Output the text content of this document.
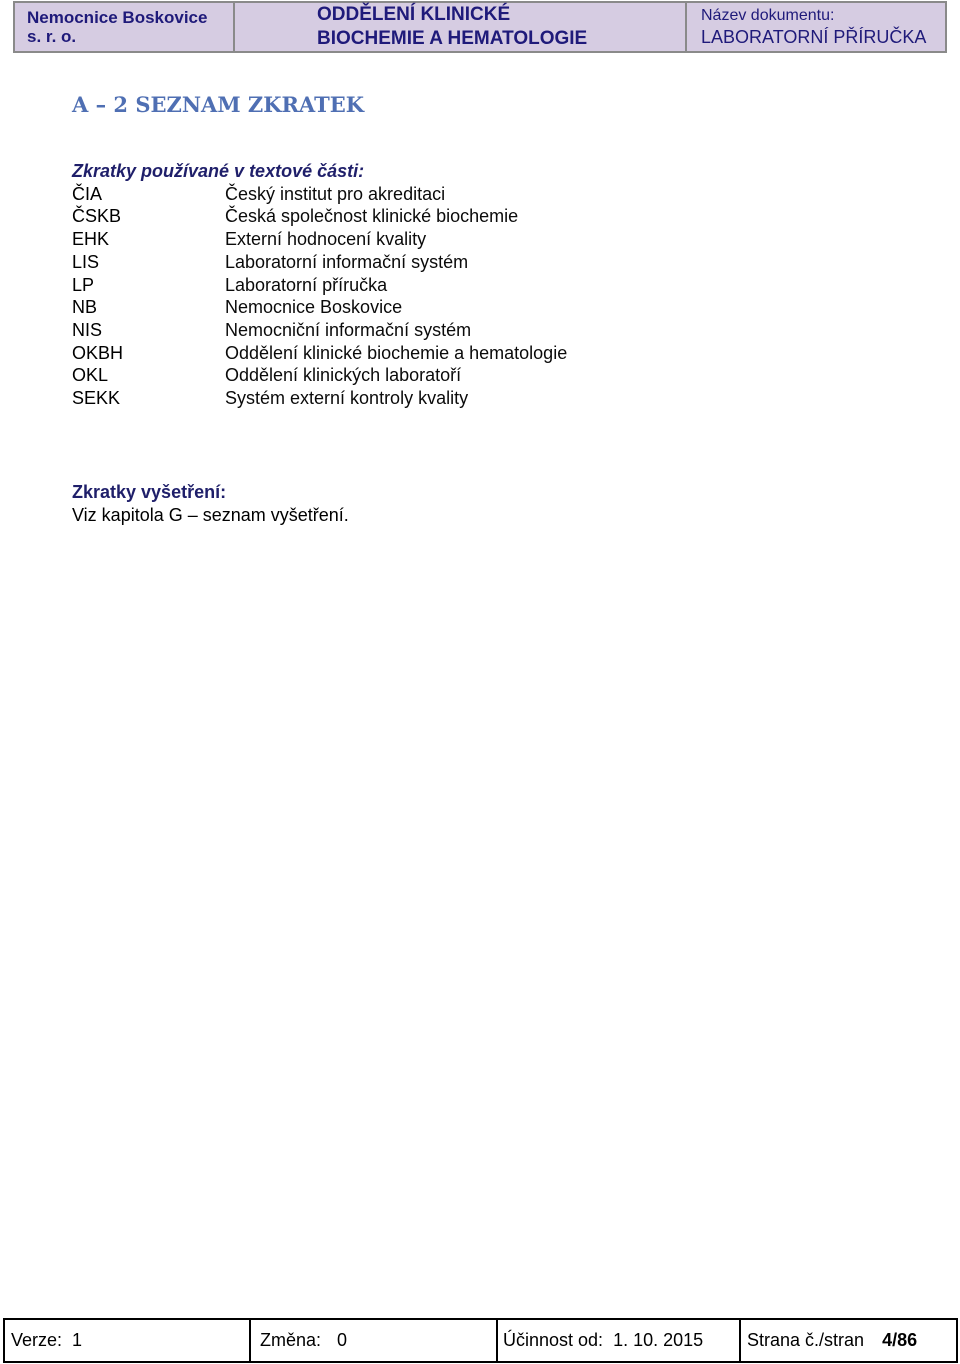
Nemocnice Boskovice
s. r. o.
ODDĚLENÍ KLINICKÉ
BIOCHEMIE A HEMATOLOGIE
Název dokumentu:
LABORATORNÍ PŘÍRUČKA
A – 2 SEZNAM ZKRATEK
Zkratky používané v textové části:
ČIA	Český institut pro akreditaci
ČSKB	Česká společnost klinické biochemie
EHK	Externí hodnocení kvality
LIS	Laboratorní informační systém
LP	Laboratorní příručka
NB	Nemocnice Boskovice
NIS	Nemocniční informační systém
OKBH	Oddělení klinické biochemie a hematologie
OKL	Oddělení klinických laboratoří
SEKK	Systém externí kontroly kvality
Zkratky vyšetření:
Viz kapitola G – seznam vyšetření.
Verze: 1	Změna: 0	Účinnost od: 1. 10. 2015 Strana č./stran 4/86
